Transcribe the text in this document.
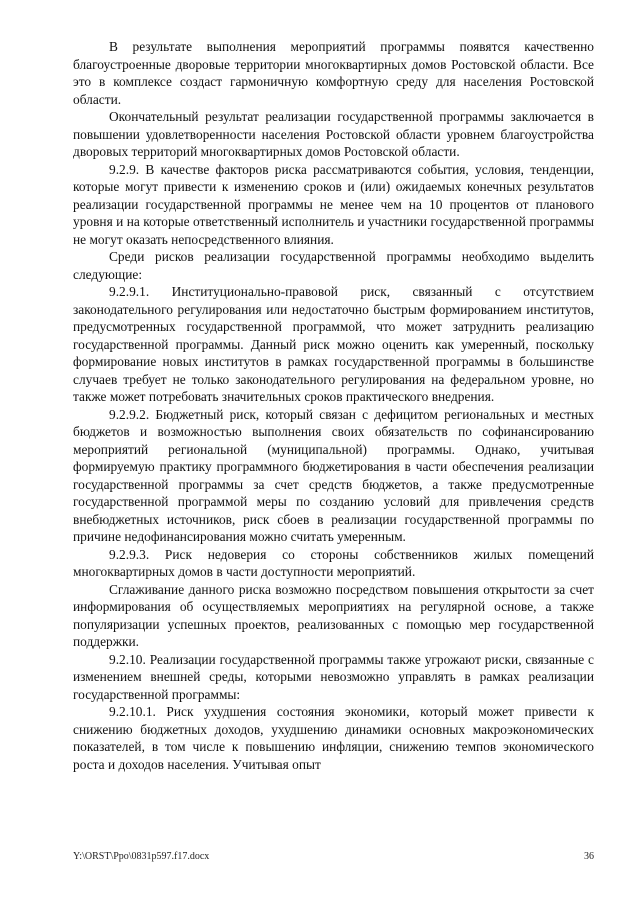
В результате выполнения мероприятий программы появятся качественно благоустроенные дворовые территории многоквартирных домов Ростовской области. Все это в комплексе создаст гармоничную комфортную среду для населения Ростовской области.

Окончательный результат реализации государственной программы заключается в повышении удовлетворенности населения Ростовской области уровнем благоустройства дворовых территорий многоквартирных домов Ростовской области.

9.2.9. В качестве факторов риска рассматриваются события, условия, тенденции, которые могут привести к изменению сроков и (или) ожидаемых конечных результатов реализации государственной программы не менее чем на 10 процентов от планового уровня и на которые ответственный исполнитель и участники государственной программы не могут оказать непосредственного влияния.

Среди рисков реализации государственной программы необходимо выделить следующие:

9.2.9.1. Институционально-правовой риск, связанный с отсутствием законодательного регулирования или недостаточно быстрым формированием институтов, предусмотренных государственной программой, что может затруднить реализацию государственной программы. Данный риск можно оценить как умеренный, поскольку формирование новых институтов в рамках государственной программы в большинстве случаев требует не только законодательного регулирования на федеральном уровне, но также может потребовать значительных сроков практического внедрения.

9.2.9.2. Бюджетный риск, который связан с дефицитом региональных и местных бюджетов и возможностью выполнения своих обязательств по софинансированию мероприятий региональной (муниципальной) программы. Однако, учитывая формируемую практику программного бюджетирования в части обеспечения реализации государственной программы за счет средств бюджетов, а также предусмотренные государственной программой меры по созданию условий для привлечения средств внебюджетных источников, риск сбоев в реализации государственной программы по причине недофинансирования можно считать умеренным.

9.2.9.3. Риск недоверия со стороны собственников жилых помещений многоквартирных домов в части доступности мероприятий.

Сглаживание данного риска возможно посредством повышения открытости за счет информирования об осуществляемых мероприятиях на регулярной основе, а также популяризации успешных проектов, реализованных с помощью мер государственной поддержки.

9.2.10. Реализации государственной программы также угрожают риски, связанные с изменением внешней среды, которыми невозможно управлять в рамках реализации государственной программы:

9.2.10.1. Риск ухудшения состояния экономики, который может привести к снижению бюджетных доходов, ухудшению динамики основных макроэкономических показателей, в том числе к повышению инфляции, снижению темпов экономического роста и доходов населения. Учитывая опыт

Y:\ORST\Ppo\0831p597.f17.docx	36
